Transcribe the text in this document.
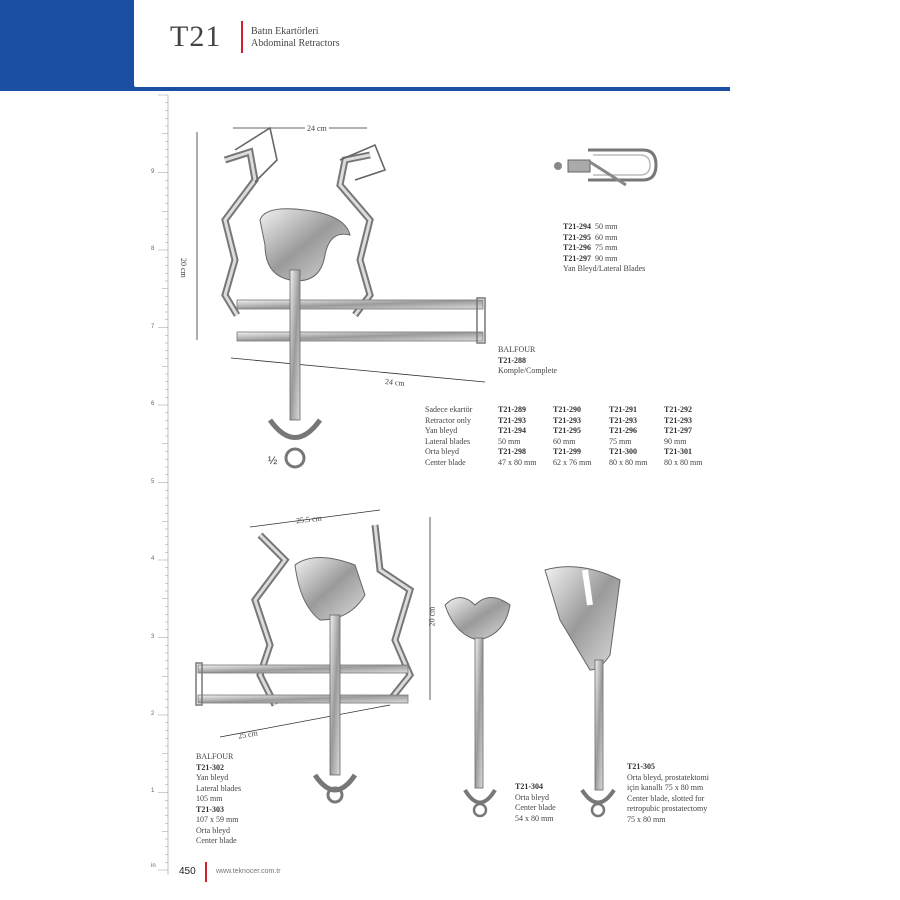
T21	Batın Ekartörleri
Abdominal Retractors
9
8
7
6
5
4
3
2
1
in
24 cm
20 cm
24 cm
½
T21-294 50 mm
T21-295 60 mm
T21-296 75 mm
T21-297 90 mm
Yan Bleyd/Lateral Blades
BALFOUR
T21-288
Komple/Complete
Sadece ekartör
Retractor only
Yan bleyd
Lateral blades
Orta bleyd
Center blade
T21-289
T21-293
T21-294
50 mm
T21-298
47 x 80 mm
T21-290
T21-293
T21-295
60 mm
T21-299
62 x 76 mm
T21-291
T21-293
T21-296
75 mm
T21-300
80 x 80 mm
T21-292
T21-293
T21-297
90 mm
T21-301
80 x 80 mm
25.5 cm
20 cm
25 cm
BALFOUR
T21-302
Yan bleyd
Lateral blades
105 mm
T21-303
107 x 59 mm
Orta bleyd
Center blade
T21-304
Orta bleyd
Center blade
54 x 80 mm
T21-305
Orta bleyd, prostatektomi
için kanallı 75 x 80 mm
Center blade, slotted for
retropubic prostatectomy
75 x 80 mm
450	www.teknocer.com.tr
